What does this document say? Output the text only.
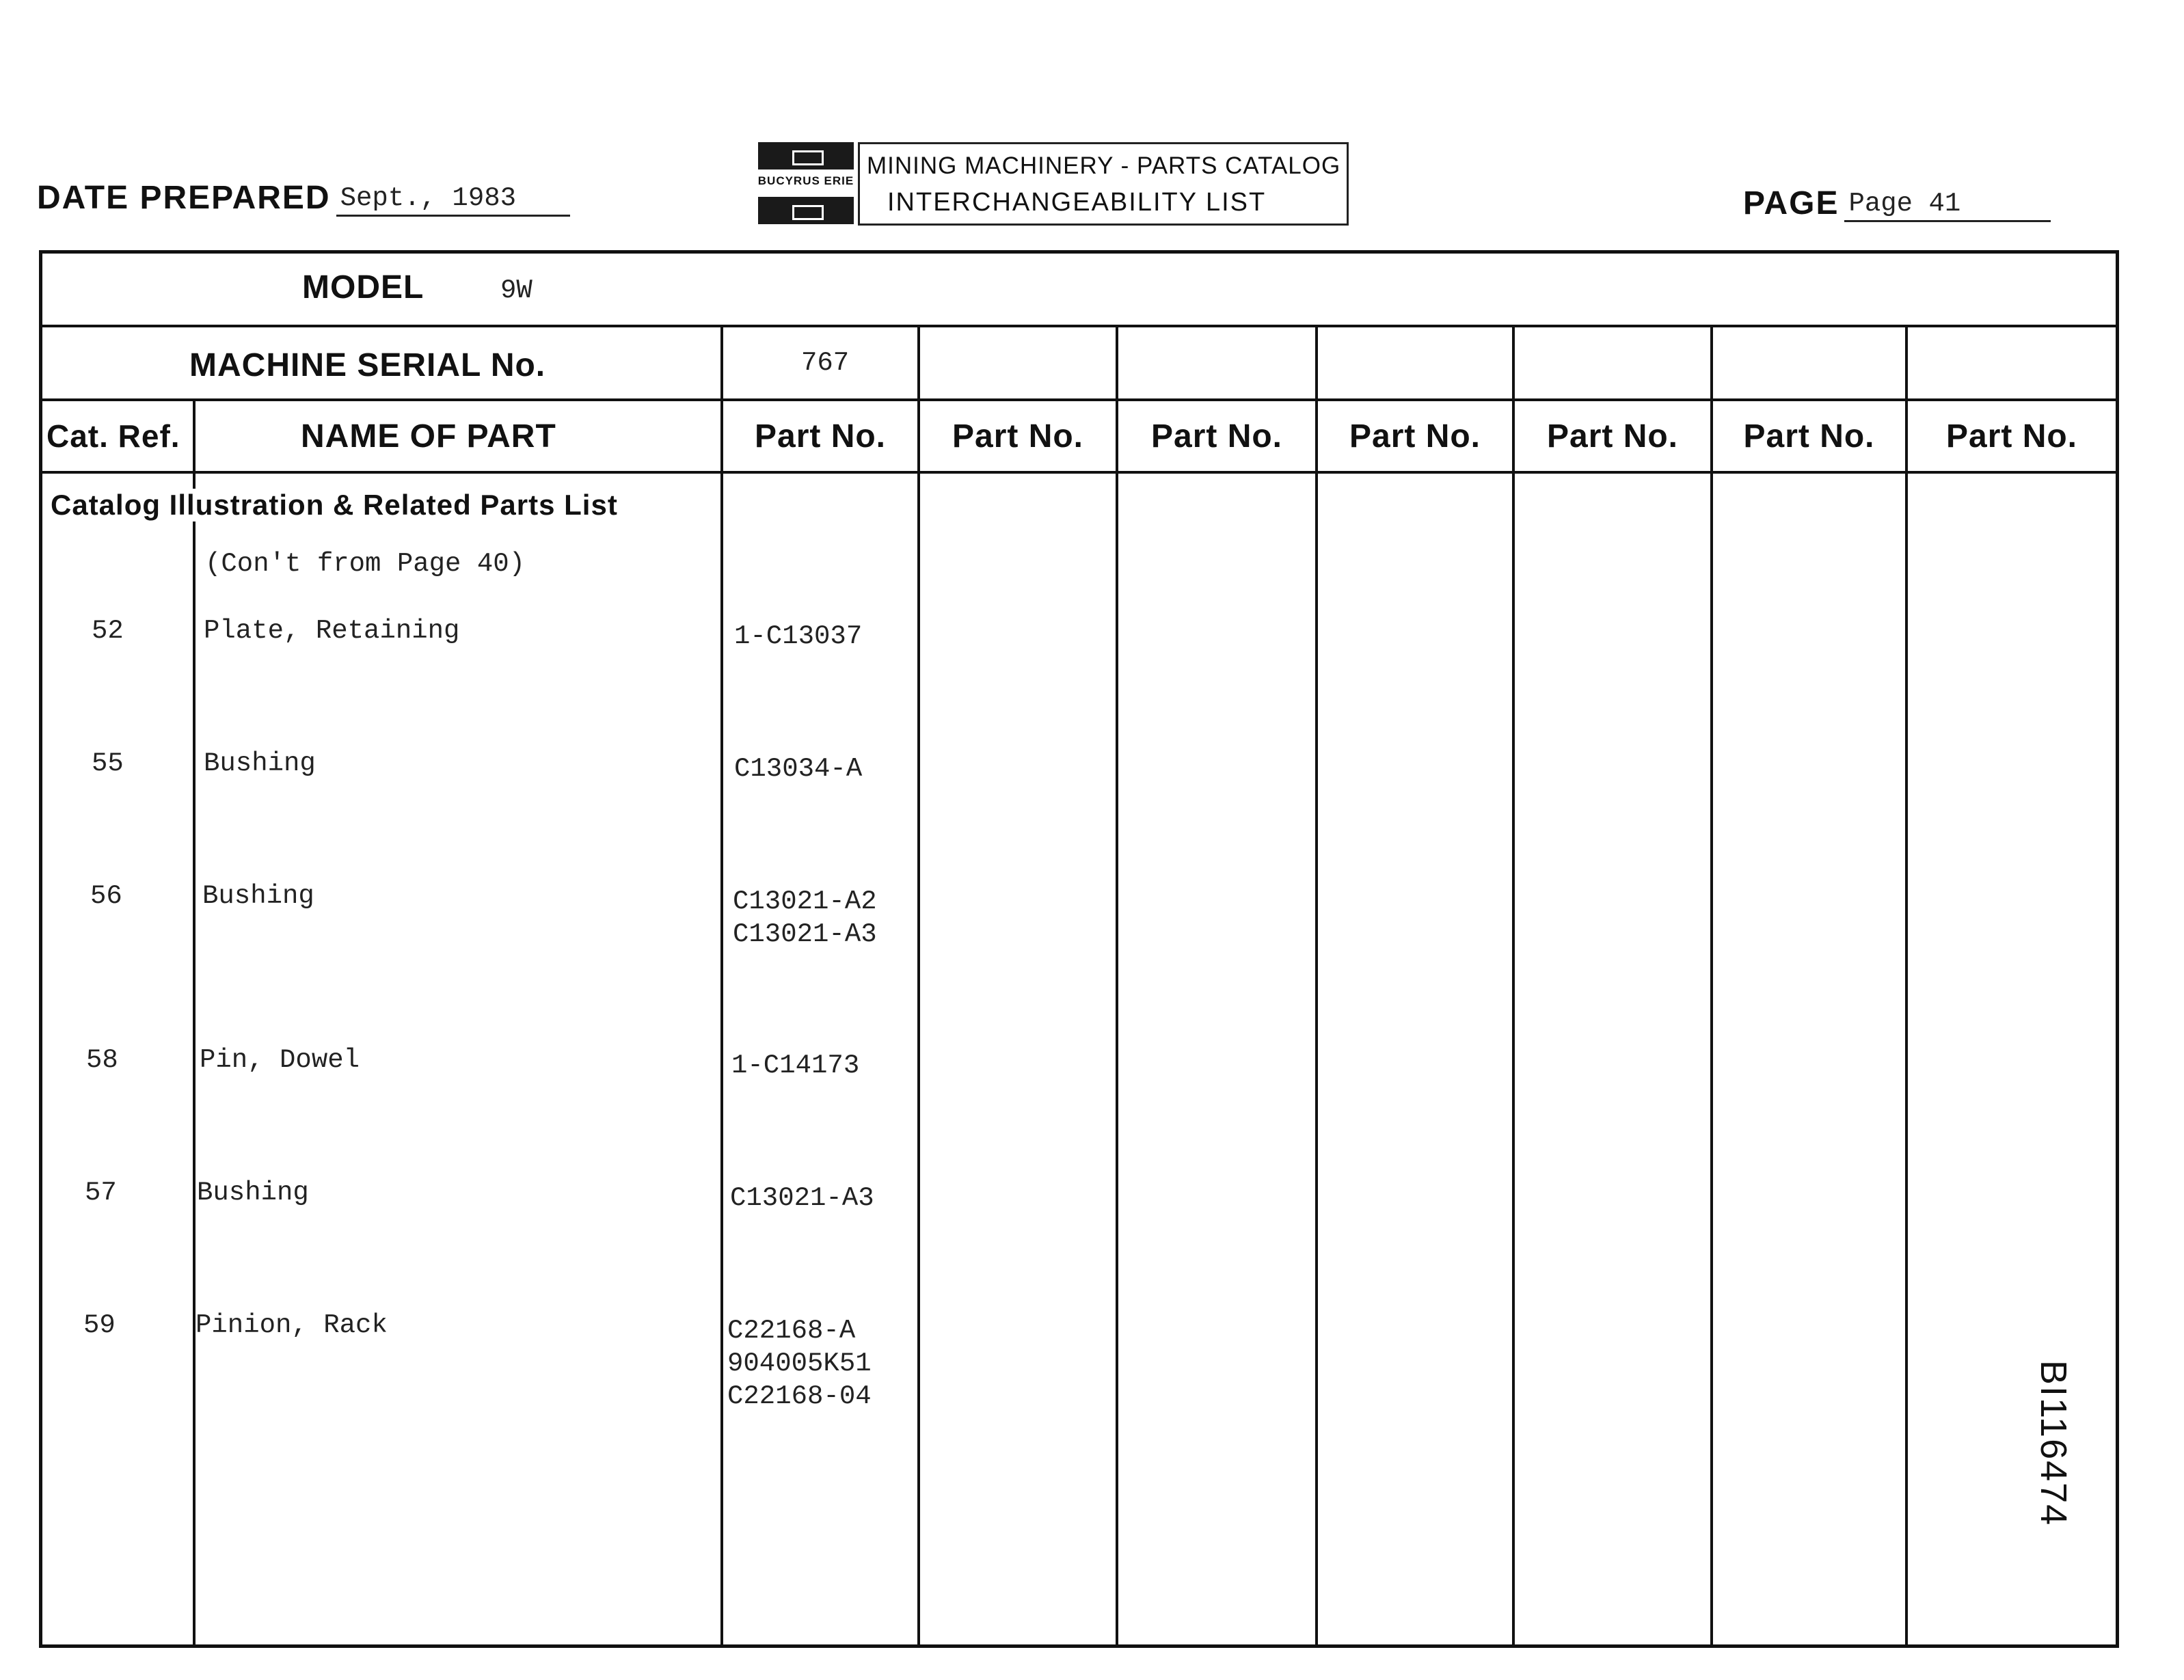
DATE PREPARED Sept., 1983
BUCYRUS ERIE
MINING MACHINERY - PARTS CATALOG
INTERCHANGEABILITY LIST	PAGE Page 41
MODEL	9W
MACHINE SERIAL No.	767
Cat. Ref.	NAME OF PART	Part No.	Part No.	Part No.	Part No.	Part No.	Part No.	Part No.
Catalog Illustration & Related Parts List
(Con't from Page 40)
52	Plate, Retaining	1-C13037
55	Bushing	C13034-A
56	Bushing	C13021-A2
C13021-A3
58	Pin, Dowel	1-C14173
57	Bushing	C13021-A3
59	Pinion, Rack	C22168-A
904005K51
C22168-04	BI116474
